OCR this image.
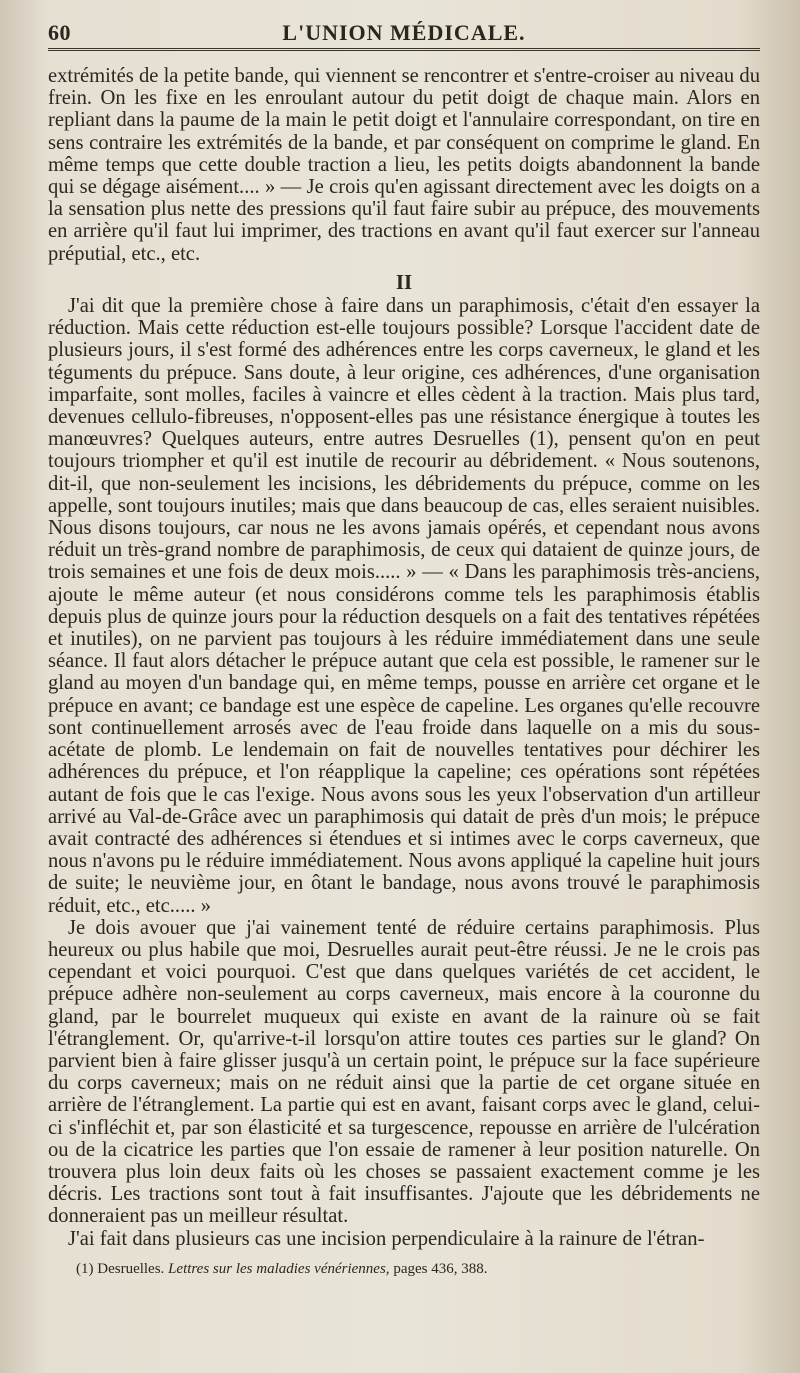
60	L'UNION MÉDICALE.

extrémités de la petite bande, qui viennent se rencontrer et s'entre-croiser au niveau du frein. On les fixe en les enroulant autour du petit doigt de chaque main. Alors en repliant dans la paume de la main le petit doigt et l'annulaire correspondant, on tire en sens contraire les extrémités de la bande, et par conséquent on comprime le gland. En même temps que cette double traction a lieu, les petits doigts abandonnent la bande qui se dégage aisément.... » — Je crois qu'en agissant directement avec les doigts on a la sensation plus nette des pressions qu'il faut faire subir au prépuce, des mouvements en arrière qu'il faut lui imprimer, des tractions en avant qu'il faut exercer sur l'anneau préputial, etc., etc.

II

J'ai dit que la première chose à faire dans un paraphimosis, c'était d'en essayer la réduction. Mais cette réduction est-elle toujours possible? Lorsque l'accident date de plusieurs jours, il s'est formé des adhérences entre les corps caverneux, le gland et les téguments du prépuce. Sans doute, à leur origine, ces adhérences, d'une organisation imparfaite, sont molles, faciles à vaincre et elles cèdent à la traction. Mais plus tard, devenues cellulo-fibreuses, n'opposent-elles pas une résistance énergique à toutes les manœuvres? Quelques auteurs, entre autres Desruelles (1), pensent qu'on en peut toujours triompher et qu'il est inutile de recourir au débridement. « Nous soutenons, dit-il, que non-seulement les incisions, les débridements du prépuce, comme on les appelle, sont toujours inutiles; mais que dans beaucoup de cas, elles seraient nuisibles. Nous disons toujours, car nous ne les avons jamais opérés, et cependant nous avons réduit un très-grand nombre de paraphimosis, de ceux qui dataient de quinze jours, de trois semaines et une fois de deux mois..... » — « Dans les paraphimosis très-anciens, ajoute le même auteur (et nous considérons comme tels les paraphimosis établis depuis plus de quinze jours pour la réduction desquels on a fait des tentatives répétées et inutiles), on ne parvient pas toujours à les réduire immédiatement dans une seule séance. Il faut alors détacher le prépuce autant que cela est possible, le ramener sur le gland au moyen d'un bandage qui, en même temps, pousse en arrière cet organe et le prépuce en avant; ce bandage est une espèce de capeline. Les organes qu'elle recouvre sont continuellement arrosés avec de l'eau froide dans laquelle on a mis du sous-acétate de plomb. Le lendemain on fait de nouvelles tentatives pour déchirer les adhérences du prépuce, et l'on réapplique la capeline; ces opérations sont répétées autant de fois que le cas l'exige. Nous avons sous les yeux l'observation d'un artilleur arrivé au Val-de-Grâce avec un paraphimosis qui datait de près d'un mois; le prépuce avait contracté des adhérences si étendues et si intimes avec le corps caverneux, que nous n'avons pu le réduire immédiatement. Nous avons appliqué la capeline huit jours de suite; le neuvième jour, en ôtant le bandage, nous avons trouvé le paraphimosis réduit, etc., etc..... »

Je dois avouer que j'ai vainement tenté de réduire certains paraphimosis. Plus heureux ou plus habile que moi, Desruelles aurait peut-être réussi. Je ne le crois pas cependant et voici pourquoi. C'est que dans quelques variétés de cet accident, le prépuce adhère non-seulement au corps caverneux, mais encore à la couronne du gland, par le bourrelet muqueux qui existe en avant de la rainure où se fait l'étranglement. Or, qu'arrive-t-il lorsqu'on attire toutes ces parties sur le gland? On parvient bien à faire glisser jusqu'à un certain point, le prépuce sur la face supérieure du corps caverneux; mais on ne réduit ainsi que la partie de cet organe située en arrière de l'étranglement. La partie qui est en avant, faisant corps avec le gland, celui-ci s'infléchit et, par son élasticité et sa turgescence, repousse en arrière de l'ulcération ou de la cicatrice les parties que l'on essaie de ramener à leur position naturelle. On trouvera plus loin deux faits où les choses se passaient exactement comme je les décris. Les tractions sont tout à fait insuffisantes. J'ajoute que les débridements ne donneraient pas un meilleur résultat.

J'ai fait dans plusieurs cas une incision perpendiculaire à la rainure de l'étran-

(1) Desruelles. Lettres sur les maladies vénériennes, pages 436, 388.
